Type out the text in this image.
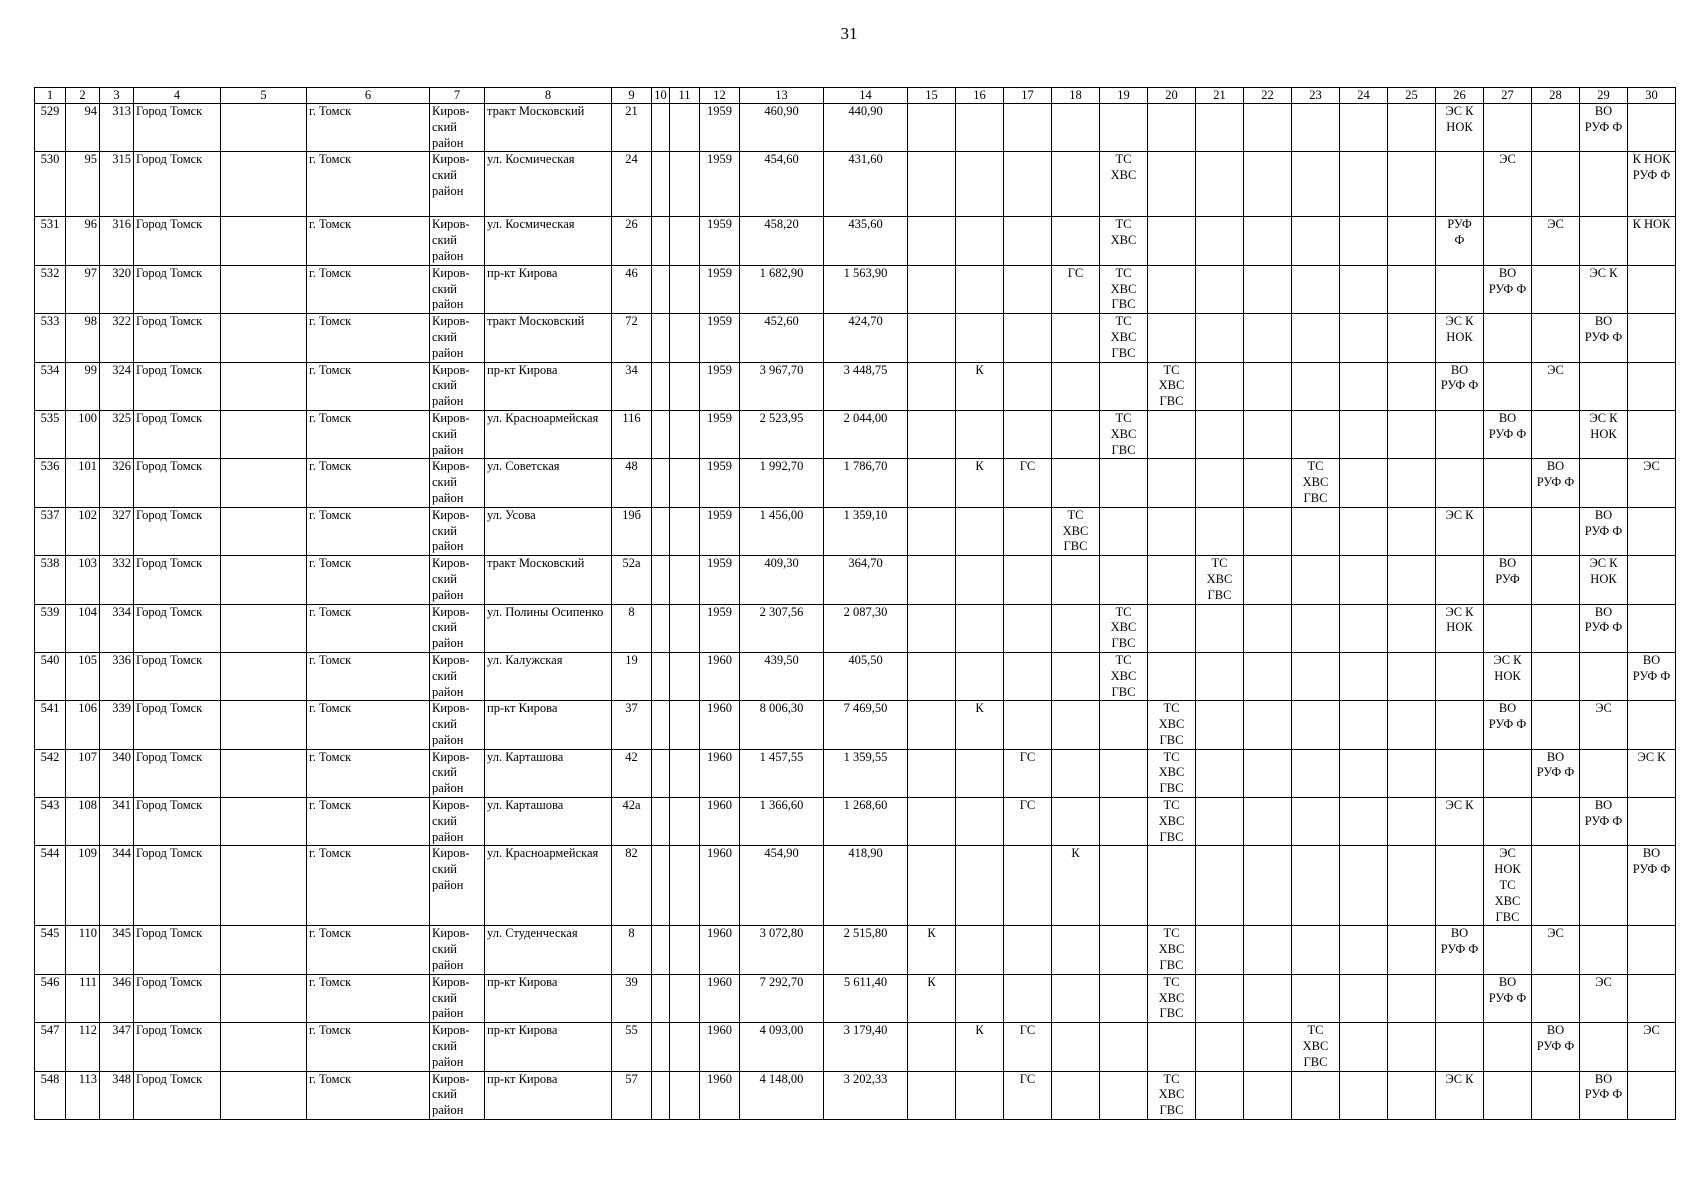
31
1	2	3	4	5	6	7	8	9	10	11	12	13	14	15	16	17	18	19	20	21	22	23	24	25	26	27	28	29	30
529	94	313	Город Томск		г. Томск	Киров-
ский
район	тракт Московский	21			1959	460,90	440,90												ЭС К
НОК			ВО
РУФ Ф	
530	95	315	Город Томск		г. Томск	Киров-
ский
район	ул. Космическая	24			1959	454,60	431,60					ТС
ХВС								ЭС			К НОК
РУФ Ф
531	96	316	Город Томск		г. Томск	Киров-
ский
район	ул. Космическая	26			1959	458,20	435,60					ТС
ХВС							РУФ
Ф		ЭС		К НОК
532	97	320	Город Томск		г. Томск	Киров-
ский
район	пр-кт Кирова	46			1959	1 682,90	1 563,90				ГС	ТС
ХВС
ГВС								ВО
РУФ Ф		ЭС К	
533	98	322	Город Томск		г. Томск	Киров-
ский
район	тракт Московский	72			1959	452,60	424,70					ТС
ХВС
ГВС							ЭС К
НОК			ВО
РУФ Ф	
534	99	324	Город Томск		г. Томск	Киров-
ский
район	пр-кт Кирова	34			1959	3 967,70	3 448,75		К				ТС
ХВС
ГВС						ВО
РУФ Ф		ЭС		
535	100	325	Город Томск		г. Томск	Киров-
ский
район	ул. Красноармейская	116			1959	2 523,95	2 044,00					ТС
ХВС
ГВС								ВО
РУФ Ф		ЭС К
НОК	
536	101	326	Город Томск		г. Томск	Киров-
ский
район	ул. Советская	48			1959	1 992,70	1 786,70		К	ГС						ТС
ХВС
ГВС					ВО
РУФ Ф		ЭС
537	102	327	Город Томск		г. Томск	Киров-
ский
район	ул. Усова	19б			1959	1 456,00	1 359,10				ТС
ХВС
ГВС								ЭС К			ВО
РУФ Ф	
538	103	332	Город Томск		г. Томск	Киров-
ский
район	тракт Московский	52а			1959	409,30	364,70							ТС
ХВС
ГВС						ВО
РУФ		ЭС К
НОК	
539	104	334	Город Томск		г. Томск	Киров-
ский
район	ул. Полины Осипенко	8			1959	2 307,56	2 087,30					ТС
ХВС
ГВС							ЭС К
НОК			ВО
РУФ Ф	
540	105	336	Город Томск		г. Томск	Киров-
ский
район	ул. Калужская	19			1960	439,50	405,50					ТС
ХВС
ГВС								ЭС К
НОК			ВО
РУФ Ф
541	106	339	Город Томск		г. Томск	Киров-
ский
район	пр-кт Кирова	37			1960	8 006,30	7 469,50		К				ТС
ХВС
ГВС							ВО
РУФ Ф		ЭС	
542	107	340	Город Томск		г. Томск	Киров-
ский
район	ул. Карташова	42			1960	1 457,55	1 359,55			ГС			ТС
ХВС
ГВС								ВО
РУФ Ф		ЭС К
543	108	341	Город Томск		г. Томск	Киров-
ский
район	ул. Карташова	42а			1960	1 366,60	1 268,60			ГС			ТС
ХВС
ГВС						ЭС К			ВО
РУФ Ф	
544	109	344	Город Томск		г. Томск	Киров-
ский
район	ул. Красноармейская	82			1960	454,90	418,90				К									ЭС
НОК
ТС
ХВС
ГВС			ВО
РУФ Ф
545	110	345	Город Томск		г. Томск	Киров-
ский
район	ул. Студенческая	8			1960	3 072,80	2 515,80	К					ТС
ХВС
ГВС						ВО
РУФ Ф		ЭС		
546	111	346	Город Томск		г. Томск	Киров-
ский
район	пр-кт Кирова	39			1960	7 292,70	5 611,40	К					ТС
ХВС
ГВС							ВО
РУФ Ф		ЭС	
547	112	347	Город Томск		г. Томск	Киров-
ский
район	пр-кт Кирова	55			1960	4 093,00	3 179,40		К	ГС						ТС
ХВС
ГВС					ВО
РУФ Ф		ЭС
548	113	348	Город Томск		г. Томск	Киров-
ский
район	пр-кт Кирова	57			1960	4 148,00	3 202,33			ГС			ТС
ХВС
ГВС						ЭС К			ВО
РУФ Ф	
